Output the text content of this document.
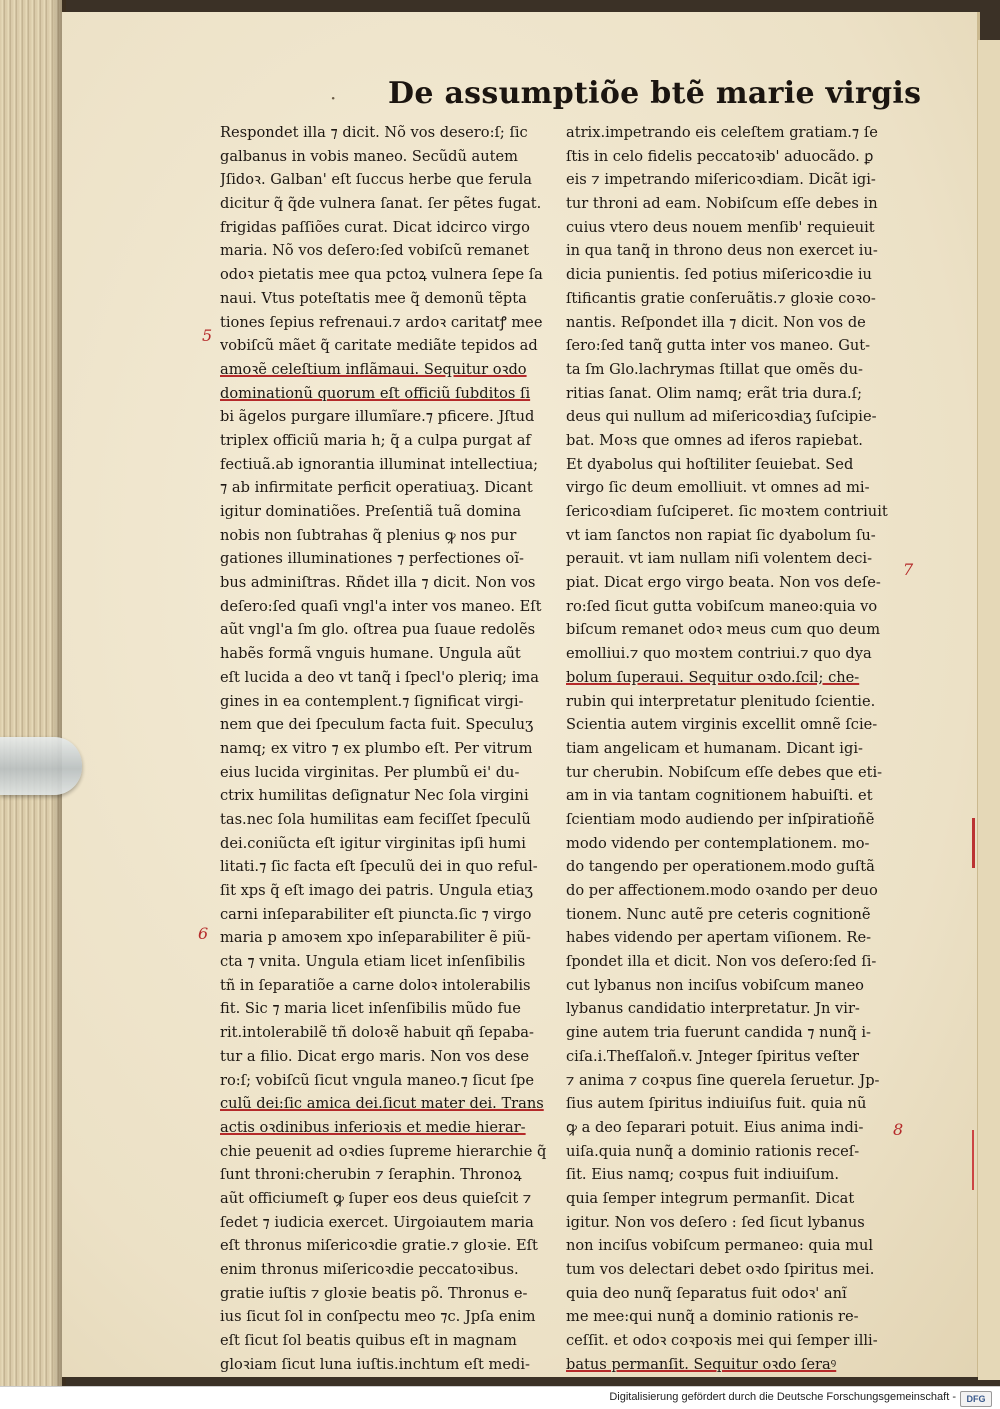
· De assumptiõe btẽ marie virgis
Respondet illa ⁊ dicit. Nõ vos desero:ſ; ſic
galbanus in vobis maneo. Secũdũ autem
Jſidoꝛ. Galban' eſt ſuccus herbe que ferula
dicitur q̃ q̃de vulnera ſanat. ſer pẽtes fugat.
frigidas paſſiões curat. Dicat idcirco virgo
maria. Nõ vos deſero:ſed vobiſcũ remanet
odoꝛ pietatis mee qua pctoꝝ vulnera ſepe ſa
naui. Vtus poteſtatis mee q̃ demonũ tẽpta
tiones ſepius refrenaui.⁊ ardoꝛ caritatꝭ mee
vobiſcũ mãet q̃ caritate mediãte tepidos ad
amoꝛẽ celeſtium inflãmaui. Sequitur oꝛdo
dominationũ quorum eſt officiũ ſubditos ſi
bi ãgelos purgare illumĩare.⁊ pficere. Jſtud
triplex officiũ maria h; q̃ a culpa purgat af
fectiuã.ab ignorantia illuminat intellectiua;
⁊ ab infirmitate perficit operatiuaʒ. Dicant
igitur dominatiões. Preſentiã tuã domina
nobis non ſubtrahas q̃ plenius ꝙ nos pur
gationes illuminationes ⁊ perfectiones oĩ-
bus adminiſtras. Rñdet illa ⁊ dicit. Non vos
deſero:ſed quaſi vngl'a inter vos maneo. Eſt
aũt vngl'a ſm glo. oſtrea pua ſuaue redolẽs
habẽs formã vnguis humane. Ungula aũt
eſt lucida a deo vt tanq̃ i ſpecl'o pleriq; ima
gines in ea contemplent.⁊ ſignificat virgi-
nem que dei ſpeculum facta fuit. Speculuʒ
namq; ex vitro ⁊ ex plumbo eſt. Per vitrum
eius lucida virginitas. Per plumbũ ei' du-
ctrix humilitas deſignatur Nec ſola virgini
tas.nec ſola humilitas eam feciſſet ſpeculũ
dei.coniũcta eſt igitur virginitas ipſi humi
litati.⁊ ſic facta eſt ſpeculũ dei in quo reful-
ſit xps q̃ eſt imago dei patris. Ungula etiaʒ
carni inſeparabiliter eſt piuncta.ſic ⁊ virgo
maria p amoꝛem xpo inſeparabiliter ẽ piũ-
cta ⁊ vnita. Ungula etiam licet inſenſibilis
tñ in ſeparatiõe a carne doloꝛ intolerabilis
fit. Sic ⁊ maria licet inſenſibilis mũdo fue
rit.intolerabilẽ tñ doloꝛẽ habuit qñ ſepaba-
tur a filio. Dicat ergo maris. Non vos dese
ro:ſ; vobiſcũ ſicut vngula maneo.⁊ ſicut ſpe
culũ dei:ſic amica dei.ſicut mater dei. Trans
actis oꝛdinibus inferioꝛis et medie hierar-
chie peuenit ad oꝛdies ſupreme hierarchie q̃
ſunt throni:cherubin ⁊ ſeraphin. Thronoꝝ
aũt officiumeſt ꝙ ſuper eos deus quieſcit ⁊
ſedet ⁊ iudicia exercet. Uirgoiautem maria
eſt thronus miſericoꝛdie gratie.⁊ gloꝛie. Eſt
enim thronus miſericoꝛdie peccatoꝛibus.
gratie iuſtis ⁊ gloꝛie beatis põ. Thronus e-
ius ſicut ſol in conſpectu meo ⁊c. Jpſa enim
eſt ſicut ſol beatis quibus eſt in magnam
gloꝛiam ſicut luna iuſtis.inchtum eſt medi-
atrix.impetrando eis celeſtem gratiam.⁊ ſe
ſtis in celo fidelis peccatoꝛib' aduocãdo. ꝑ
eis ⁊ impetrando miſericoꝛdiam. Dicãt igi-
tur throni ad eam. Nobiſcum eſſe debes in
cuius vtero deus nouem menſib' requieuit
in qua tanq̃ in throno deus non exercet iu-
dicia punientis. ſed potius miſericoꝛdie iu
ſtificantis gratie conſeruãtis.⁊ gloꝛie coꝛo-
nantis. Reſpondet illa ⁊ dicit. Non vos de
ſero:ſed tanq̃ gutta inter vos maneo. Gut-
ta ſm Glo.lachrymas ſtillat que omẽs du-
ritias ſanat. Olim namq; erãt tria dura.ſ;
deus qui nullum ad miſericoꝛdiaʒ ſuſcipie-
bat. Moꝛs que omnes ad iferos rapiebat.
Et dyabolus qui hoſtiliter ſeuiebat. Sed
virgo ſic deum emolliuit. vt omnes ad mi-
ſericoꝛdiam ſuſciperet. ſic moꝛtem contriuit
vt iam ſanctos non rapiat ſic dyabolum ſu-
perauit. vt iam nullam niſi volentem deci-
piat. Dicat ergo virgo beata. Non vos deſe-
ro:ſed ſicut gutta vobiſcum maneo:quia vo
biſcum remanet odoꝛ meus cum quo deum
emolliui.⁊ quo moꝛtem contriui.⁊ quo dya
bolum ſuperaui. Sequitur oꝛdo.ſcil; che-
rubin qui interpretatur plenitudo ſcientie.
Scientia autem virginis excellit omnẽ ſcie-
tiam angelicam et humanam. Dicant igi-
tur cherubin. Nobiſcum eſſe debes que eti-
am in via tantam cognitionem habuiſti. et
ſcientiam modo audiendo per inſpiratioñẽ
modo videndo per contemplationem. mo-
do tangendo per operationem.modo guſtã
do per affectionem.modo oꝛando per deuo
tionem. Nunc autẽ pre ceteris cognitionẽ
habes videndo per apertam viſionem. Re-
ſpondet illa et dicit. Non vos deſero:ſed ſi-
cut lybanus non inciſus vobiſcum maneo
lybanus candidatio interpretatur. Jn vir-
gine autem tria fuerunt candida ⁊ nunq̃ i-
ciſa.i.Theſſaloñ.v. Jnteger ſpiritus veſter
⁊ anima ⁊ coꝛpus ſine querela ſeruetur. Jp-
ſius autem ſpiritus indiuiſus fuit. quia nũ
ꝙ a deo ſeparari potuit. Eius anima indi-
uiſa.quia nunq̃ a dominio rationis receſ-
ſit. Eius namq; coꝛpus fuit indiuiſum.
quia ſemper integrum permanſit. Dicat
igitur. Non vos deſero : ſed ſicut lybanus
non inciſus vobiſcum permaneo: quia mul
tum vos delectari debet oꝛdo ſpiritus mei.
quia deo nunq̃ ſeparatus fuit odoꝛ' anĩ
me mee:qui nunq̃ a dominio rationis re-
ceſſit. et odoꝛ coꝛpoꝛis mei qui ſemper illi-
batus permanſit. Sequitur oꝛdo ſeraꝰ
5
6
7
8
Digitalisierung gefördert durch die Deutsche Forschungsgemeinschaft -	DFG
